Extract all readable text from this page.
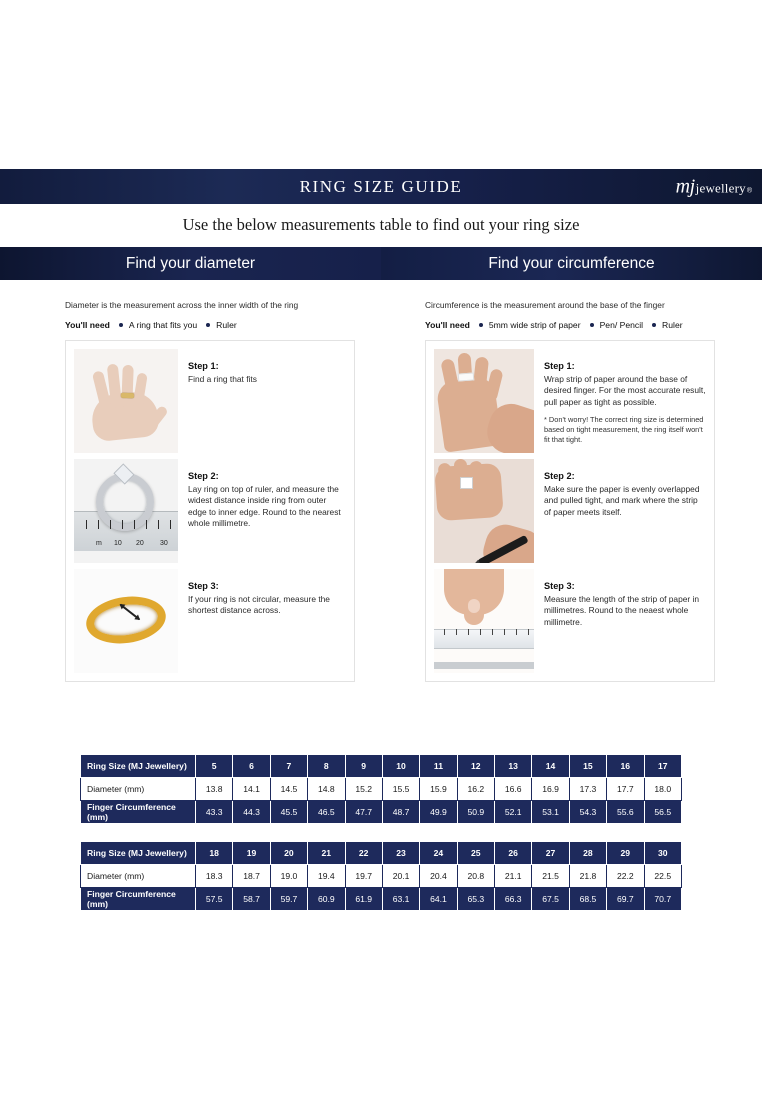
RING SIZE GUIDE	mj jewellery ®
Use the below measurements table to find out your ring size
Find your diameter	Find your circumference

Diameter is the measurement across the inner width of the ring

You'll need A ring that fits you Ruler

Step 1:

Find a ring that fits

m 10 20 30

Step 2:

Lay ring on top of ruler, and measure the widest distance inside ring from outer edge to inner edge. Round to the nearest whole millimetre.

Step 3:

If your ring is not circular, measure the shortest distance across.

Circumference is the measurement around the base of the finger

You'll need 5mm wide strip of paper Pen/ Pencil Ruler

Step 1:

Wrap strip of paper around the base of desired finger. For the most accurate result, pull paper as tight as possible.

* Don't worry! The correct ring size is determined based on tight measurement, the ring itself won't fit that tight.

Step 2:

Make sure the paper is evenly overlapped and pulled tight, and mark where the strip of paper meets itself.

Step 3:

Measure the length of the strip of paper in millimetres. Round to the neaest whole millimetre.

Ring Size (MJ Jewellery)	5	6	7	8	9	10	11	12	13	14	15	16	17
Diameter (mm)	13.8	14.1	14.5	14.8	15.2	15.5	15.9	16.2	16.6	16.9	17.3	17.7	18.0
Finger Circumference (mm)	43.3	44.3	45.5	46.5	47.7	48.7	49.9	50.9	52.1	53.1	54.3	55.6	56.5
Ring Size (MJ Jewellery)	18	19	20	21	22	23	24	25	26	27	28	29	30
Diameter (mm)	18.3	18.7	19.0	19.4	19.7	20.1	20.4	20.8	21.1	21.5	21.8	22.2	22.5
Finger Circumference (mm)	57.5	58.7	59.7	60.9	61.9	63.1	64.1	65.3	66.3	67.5	68.5	69.7	70.7
